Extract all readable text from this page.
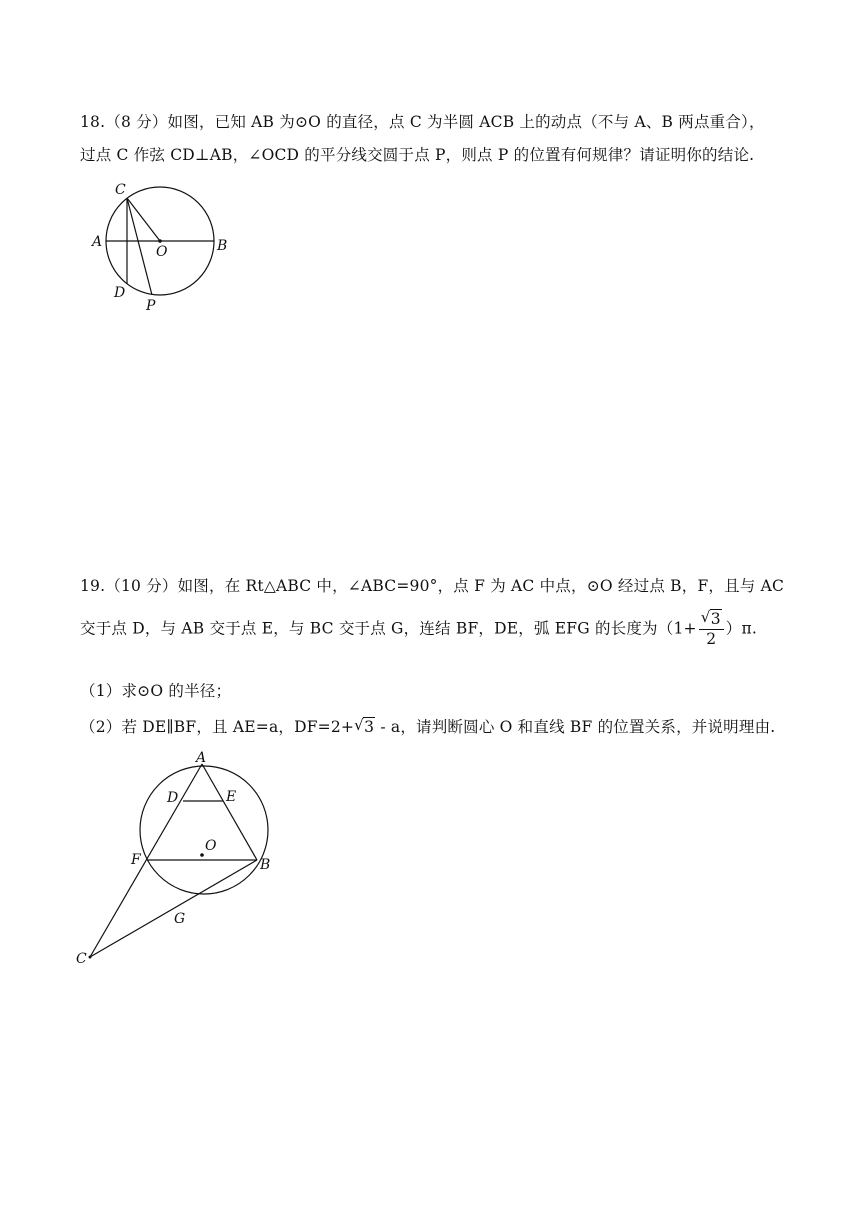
18.（8 分）如图，已知 AB 为⊙O 的直径，点 C 为半圆 ACB 上的动点（不与 A、B 两点重合），
过点 C 作弦 CD⊥AB，∠OCD 的平分线交圆于点 P，则点 P 的位置有何规律？请证明你的结论.
C
A
O	B
D
P
19.（10 分）如图，在 Rt△ABC 中，∠ABC=90°，点 F 为 AC 中点，⊙O 经过点 B，F，且与 AC
交于点 D，与 AB 交于点 E，与 BC 交于点 G，连结 BF，DE，弧 EFG 的长度为$(1+ \frac{√ 3}{2} )\pi$.
（1）求⊙O 的半径；
（2）若 DE∥BF，且 AE=a，DF=2+ √ 3 - a，请判断圆心 O 和直线 BF 的位置关系，并说明理由.
A
D	E
O
F	B
G
C
